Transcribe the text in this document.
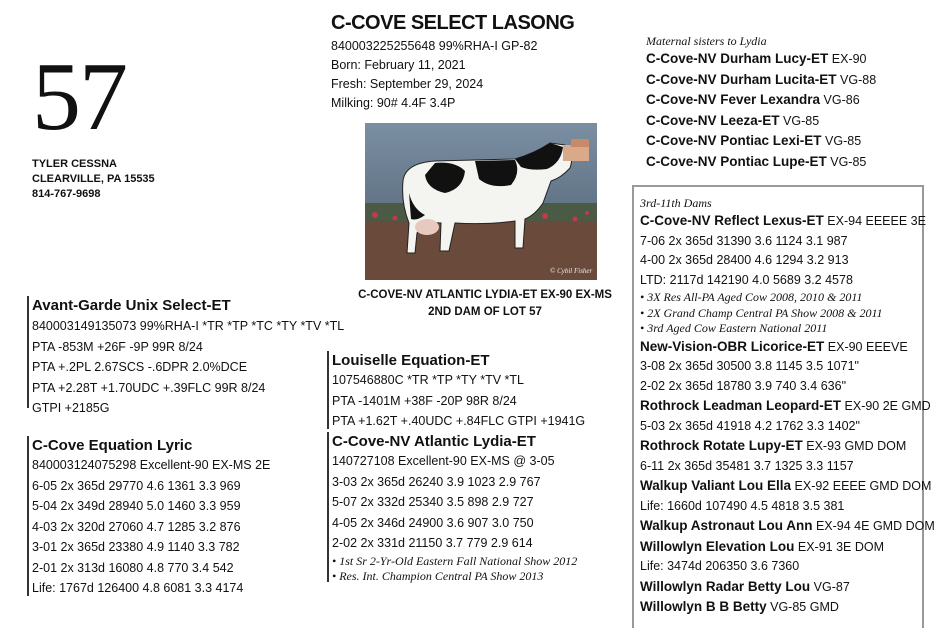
57
TYLER CESSNA
CLEARVILLE, PA 15535
814-767-9698
C-COVE SELECT LASONG
840003225255648 99%RHA-I GP-82
Born: February 11, 2021
Fresh: September 29, 2024
Milking: 90# 4.4F 3.4P
© Cybil Fisher
C-COVE-NV ATLANTIC LYDIA-ET EX-90 EX-MS
2ND DAM OF LOT 57
Avant-Garde Unix Select-ET
840003149135073 99%RHA-I *TR *TP *TC *TY *TV *TL
PTA -853M +26F -9P 99R 8/24
PTA +.2PL 2.67SCS -.6DPR 2.0%DCE
PTA +2.28T +1.70UDC +.39FLC 99R 8/24
GTPI +2185G
C-Cove Equation Lyric
840003124075298 Excellent-90 EX-MS 2E
6-05 2x 365d 29770 4.6 1361 3.3 969
5-04 2x 349d 28940 5.0 1460 3.3 959
4-03 2x 320d 27060 4.7 1285 3.2 876
3-01 2x 365d 23380 4.9 1140 3.3 782
2-01 2x 313d 16080 4.8 770 3.4 542
Life: 1767d 126400 4.8 6081 3.3 4174
Louiselle Equation-ET
107546880C *TR *TP *TY *TV *TL
PTA -1401M +38F -20P 98R 8/24
PTA +1.62T +.40UDC +.84FLC GTPI +1941G
C-Cove-NV Atlantic Lydia-ET
140727108 Excellent-90 EX-MS @ 3-05
3-03 2x 365d 26240 3.9 1023 2.9 767
5-07 2x 332d 25340 3.5 898 2.9 727
4-05 2x 346d 24900 3.6 907 3.0 750
2-02 2x 331d 21150 3.7 779 2.9 614
• 1st Sr 2-Yr-Old Eastern Fall National Show 2012
• Res. Int. Champion Central PA Show 2013
Maternal sisters to Lydia
C-Cove-NV Durham Lucy-ET EX-90
C-Cove-NV Durham Lucita-ET VG-88
C-Cove-NV Fever Lexandra VG-86
C-Cove-NV Leeza-ET VG-85
C-Cove-NV Pontiac Lexi-ET VG-85
C-Cove-NV Pontiac Lupe-ET VG-85
3rd-11th Dams
C-Cove-NV Reflect Lexus-ET EX-94 EEEEE 3E
7-06 2x 365d 31390 3.6 1124 3.1 987
4-00 2x 365d 28400 4.6 1294 3.2 913
LTD: 2117d 142190 4.0 5689 3.2 4578
• 3X Res All-PA Aged Cow 2008, 2010 & 2011
• 2X Grand Champ Central PA Show 2008 & 2011
• 3rd Aged Cow Eastern National 2011
New-Vision-OBR Licorice-ET EX-90 EEEVE
3-08 2x 365d 30500 3.8 1145 3.5 1071"
2-02 2x 365d 18780 3.9 740 3.4 636"
Rothrock Leadman Leopard-ET EX-90 2E GMD
5-03 2x 365d 41918 4.2 1762 3.3 1402"
Rothrock Rotate Lupy-ET EX-93 GMD DOM
6-11 2x 365d 35481 3.7 1325 3.3 1157
Walkup Valiant Lou Ella EX-92 EEEE GMD DOM
Life: 1660d 107490 4.5 4818 3.5 381
Walkup Astronaut Lou Ann EX-94 4E GMD DOM
Willowlyn Elevation Lou EX-91 3E DOM
Life: 3474d 206350 3.6 7360
Willowlyn Radar Betty Lou VG-87
Willowlyn B B Betty VG-85 GMD
